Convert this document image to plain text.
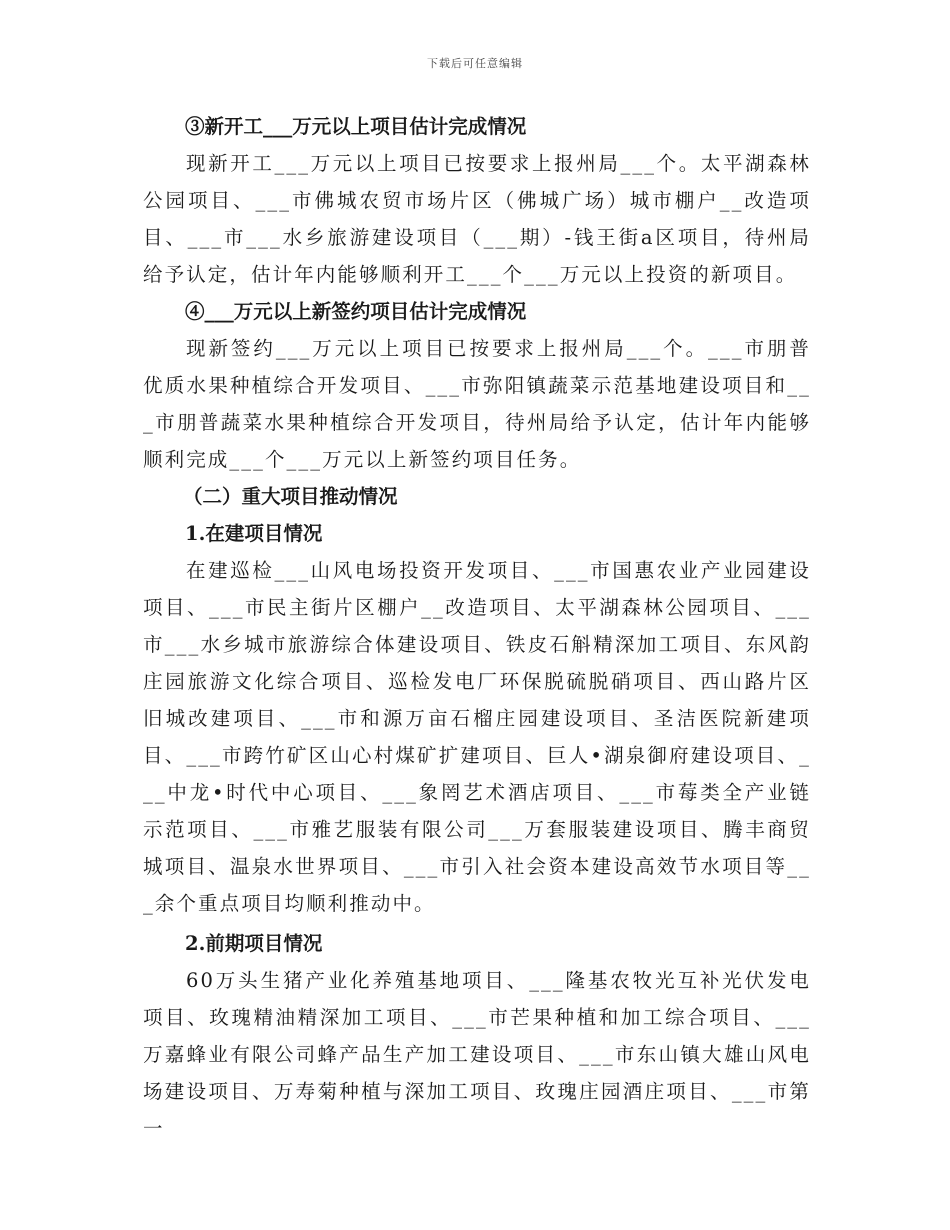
下载后可任意编辑

③新开工___万元以上项目估计完成情况

现新开工___万元以上项目已按要求上报州局___个。太平湖森林公园项目、___市佛城农贸市场片区（佛城广场）城市棚户__改造项目、___市___水乡旅游建设项目（___期）-钱王街a区项目，待州局给予认定，估计年内能够顺利开工___个___万元以上投资的新项目。

④___万元以上新签约项目估计完成情况

现新签约___万元以上项目已按要求上报州局___个。___市朋普优质水果种植综合开发项目、___市弥阳镇蔬菜示范基地建设项目和___市朋普蔬菜水果种植综合开发项目，待州局给予认定，估计年内能够顺利完成___个___万元以上新签约项目任务。

（二）重大项目推动情况

1.在建项目情况

在建巡检___山风电场投资开发项目、___市国惠农业产业园建设项目、___市民主街片区棚户__改造项目、太平湖森林公园项目、___市___水乡城市旅游综合体建设项目、铁皮石斛精深加工项目、东风韵庄园旅游文化综合项目、巡检发电厂环保脱硫脱硝项目、西山路片区旧城改建项目、___市和源万亩石榴庄园建设项目、圣洁医院新建项目、___市跨竹矿区山心村煤矿扩建项目、巨人•湖泉御府建设项目、___中龙•时代中心项目、___象罔艺术酒店项目、___市莓类全产业链示范项目、___市雅艺服装有限公司___万套服装建设项目、腾丰商贸城项目、温泉水世界项目、___市引入社会资本建设高效节水项目等___余个重点项目均顺利推动中。

2.前期项目情况

60万头生猪产业化养殖基地项目、___隆基农牧光互补光伏发电项目、玫瑰精油精深加工项目、___市芒果种植和加工综合项目、___万嘉蜂业有限公司蜂产品生产加工建设项目、___市东山镇大雄山风电场建设项目、万寿菊种植与深加工项目、玫瑰庄园酒庄项目、___市第一
